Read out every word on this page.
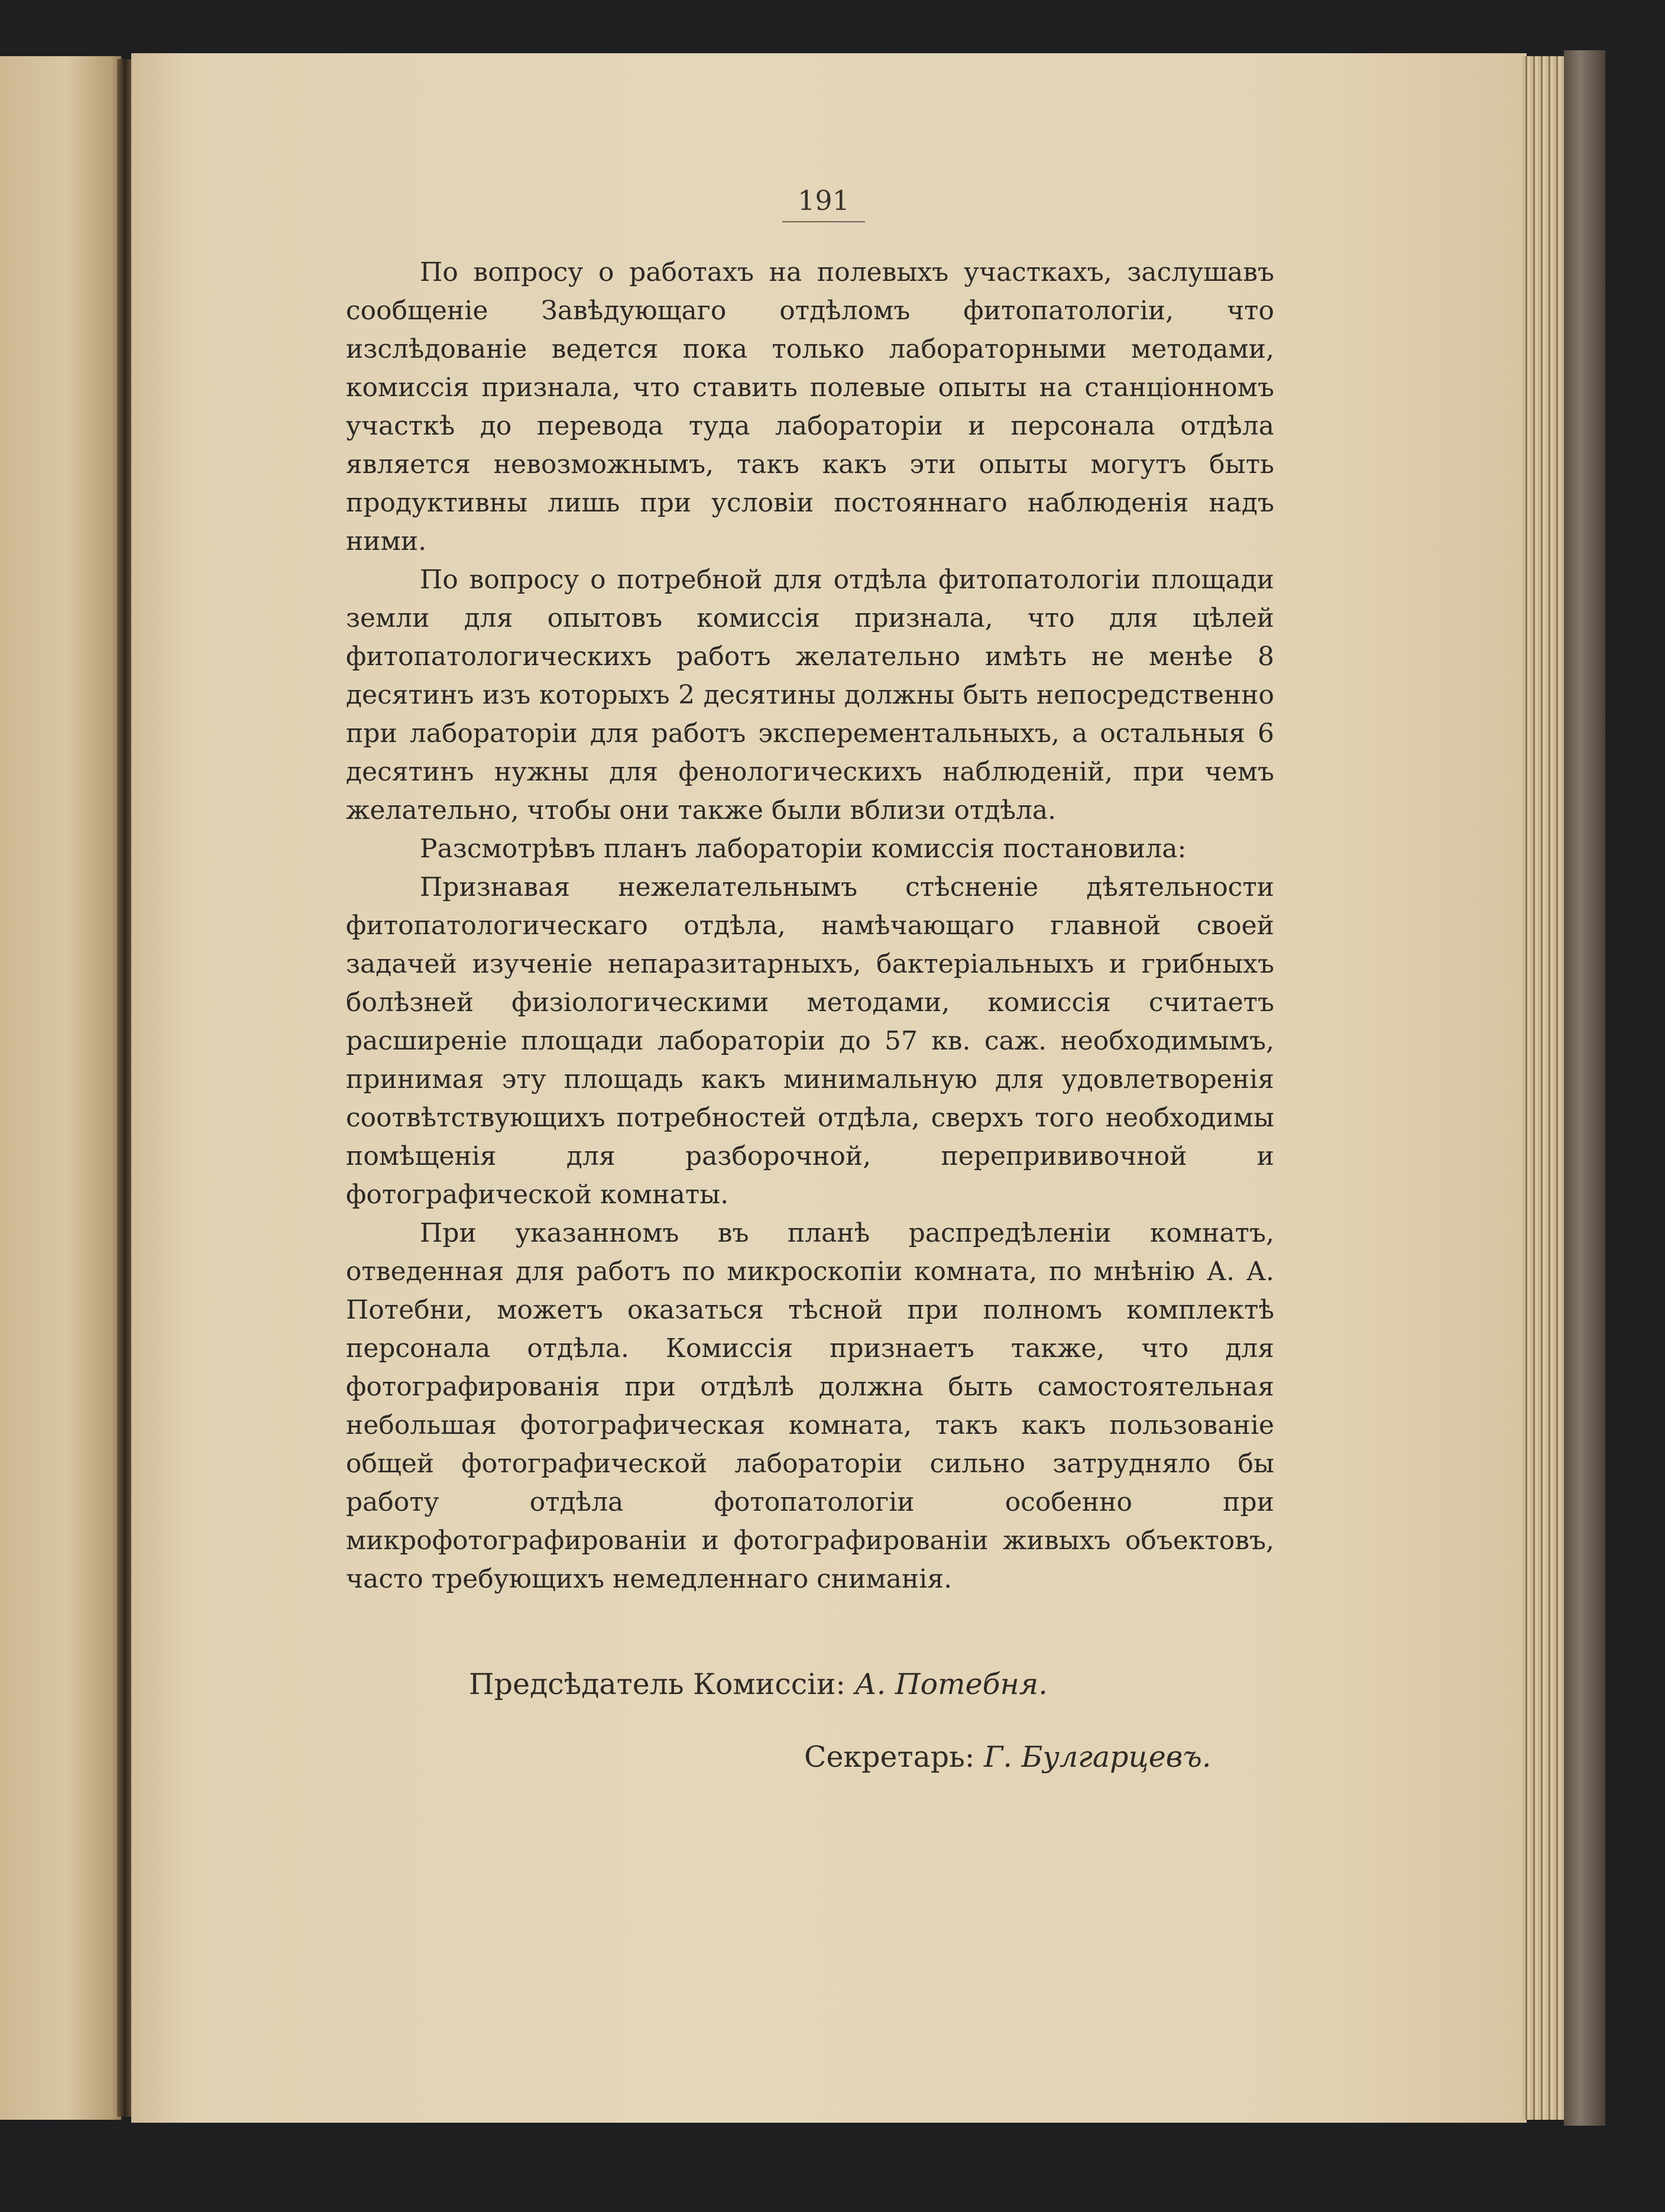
191

По вопросу о работахъ на полевыхъ участкахъ, заслушавъ сообщеніе Завѣдующаго отдѣломъ фитопатологіи, что изслѣдованіе ведется пока только лабораторными методами, комиссія признала, что ставить полевые опыты на станціонномъ участкѣ до перевода туда лабораторіи и персонала отдѣла является невозможнымъ, такъ какъ эти опыты могутъ быть продуктивны лишь при условіи постояннаго наблюденія надъ ними.

По вопросу о потребной для отдѣла фитопатологіи площади земли для опытовъ комиссія признала, что для цѣлей фитопатологическихъ работъ желательно имѣть не менѣе 8 десятинъ изъ которыхъ 2 десятины должны быть непосредственно при лабораторіи для работъ эксперементальныхъ, а остальныя 6 десятинъ нужны для фенологическихъ наблюденій, при чемъ желательно, чтобы они также были вблизи отдѣла.

Разсмотрѣвъ планъ лабораторіи комиссія постановила:

Признавая нежелательнымъ стѣсненіе дѣятельности фитопатологическаго отдѣла, намѣчающаго главной своей задачей изученіе непаразитарныхъ, бактеріальныхъ и грибныхъ болѣзней физіологическими методами, комиссія считаетъ расширеніе площади лабораторіи до 57 кв. саж. необходимымъ, принимая эту площадь какъ минимальную для удовлетворенія соотвѣтствующихъ потребностей отдѣла, сверхъ того необходимы помѣщенія для разборочной, перепрививочной и фотографической комнаты.

При указанномъ въ планѣ распредѣленіи комнатъ, отведенная для работъ по микроскопіи комната, по мнѣнію А. А. Потебни, можетъ оказаться тѣсной при полномъ комплектѣ персонала отдѣла. Комиссія признаетъ также, что для фотографированія при отдѣлѣ должна быть самостоятельная небольшая фотографическая комната, такъ какъ пользованіе общей фотографической лабораторіи сильно затрудняло бы работу отдѣла фотопатологіи особенно при микрофотографированіи и фотографированіи живыхъ объектовъ, часто требующихъ немедленнаго сниманія.

Предсѣдатель Комиссіи: А. Потебня.
Секретарь: Г. Булгарцевъ.
